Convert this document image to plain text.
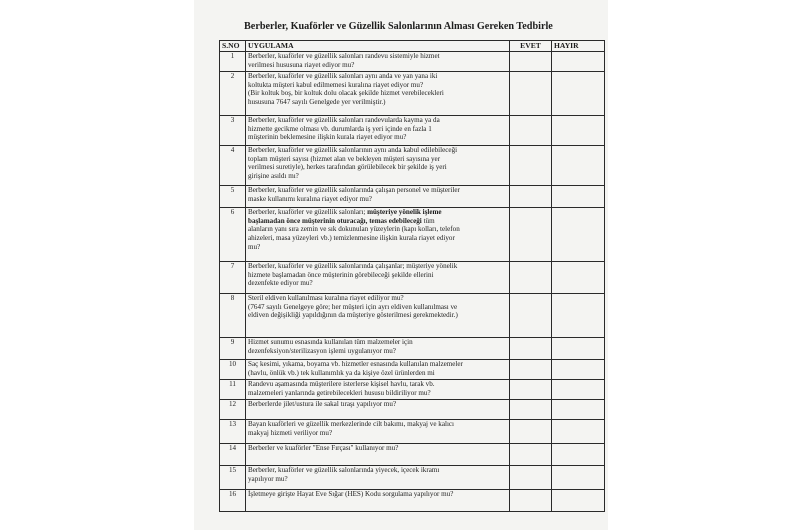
Berberler, Kuaförler ve Güzellik Salonlarının Alması Gereken Tedbirle
S.NO	UYGULAMA	EVET	HAYIR
1	Berberler, kuaförler ve güzellik salonları randevu sistemiyle hizmet
verilmesi hususuna riayet ediyor mu?		
2	Berberler, kuaförler ve güzellik salonları aynı anda ve yan yana iki
koltukta müşteri kabul edilmemesi kuralına riayet ediyor mu?
(Bir koltuk boş, bir koltuk dolu olacak şekilde hizmet verebilecekleri
hususuna 7647 sayılı Genelgede yer verilmiştir.)		
3	Berberler, kuaförler ve güzellik salonları randevularda kayma ya da
hizmette gecikme olması vb. durumlarda iş yeri içinde en fazla 1
müşterinin beklemesine ilişkin kurala riayet ediyor mu?		
4	Berberler, kuaförler ve güzellik salonlarının aynı anda kabul edilebileceği
toplam müşteri sayısı (hizmet alan ve bekleyen müşteri sayısına yer
verilmesi suretiyle), herkes tarafından görülebilecek bir şekilde iş yeri
girişine asıldı mı?		
5	Berberler, kuaförler ve güzellik salonlarında çalışan personel ve müşteriler
maske kullanımı kuralına riayet ediyor mu?		
6	Berberler, kuaförler ve güzellik salonları; müşteriye yönelik işleme
başlamadan önce müşterinin oturacağı, temas edebileceği tüm
alanların yanı sıra zemin ve sık dokunulan yüzeylerin (kapı kolları, telefon
ahizeleri, masa yüzeyleri vb.) temizlenmesine ilişkin kurala riayet ediyor
mu?		
7	Berberler, kuaförler ve güzellik salonlarında çalışanlar; müşteriye yönelik
hizmete başlamadan önce müşterinin görebileceği şekilde ellerini
dezenfekte ediyor mu?		
8	Steril eldiven kullanılması kuralına riayet ediliyor mu?
(7647 sayılı Genelgeye göre; her müşteri için ayrı eldiven kullanılması ve
eldiven değişikliği yapıldığının da müşteriye gösterilmesi gerekmektedir.)		
9	Hizmet sunumu esnasında kullanılan tüm malzemeler için
dezenfeksiyon/sterilizasyon işlemi uygulanıyor mu?		
10	Saç kesimi, yıkama, boyama vb. hizmetler esnasında kullanılan malzemeler
(havlu, önlük vb.) tek kullanımlık ya da kişiye özel ürünlerden mi		
11	Randevu aşamasında müşterilere isterlerse kişisel havlu, tarak vb.
malzemeleri yanlarında getirebilecekleri hususu bildiriliyor mu?		
12	Berberlerde jilet/ustura ile sakal tıraşı yapılıyor mu?		
13	Bayan kuaförleri ve güzellik merkezlerinde cilt bakımı, makyaj ve kalıcı
makyaj hizmeti veriliyor mu?		
14	Berberler ve kuaförler "Ense Fırçası" kullanıyor mu?		
15	Berberler, kuaförler ve güzellik salonlarında yiyecek, içecek ikramı
yapılıyor mu?		
16	İşletmeye girişte Hayat Eve Sığar (HES) Kodu sorgulama yapılıyor mu?		
